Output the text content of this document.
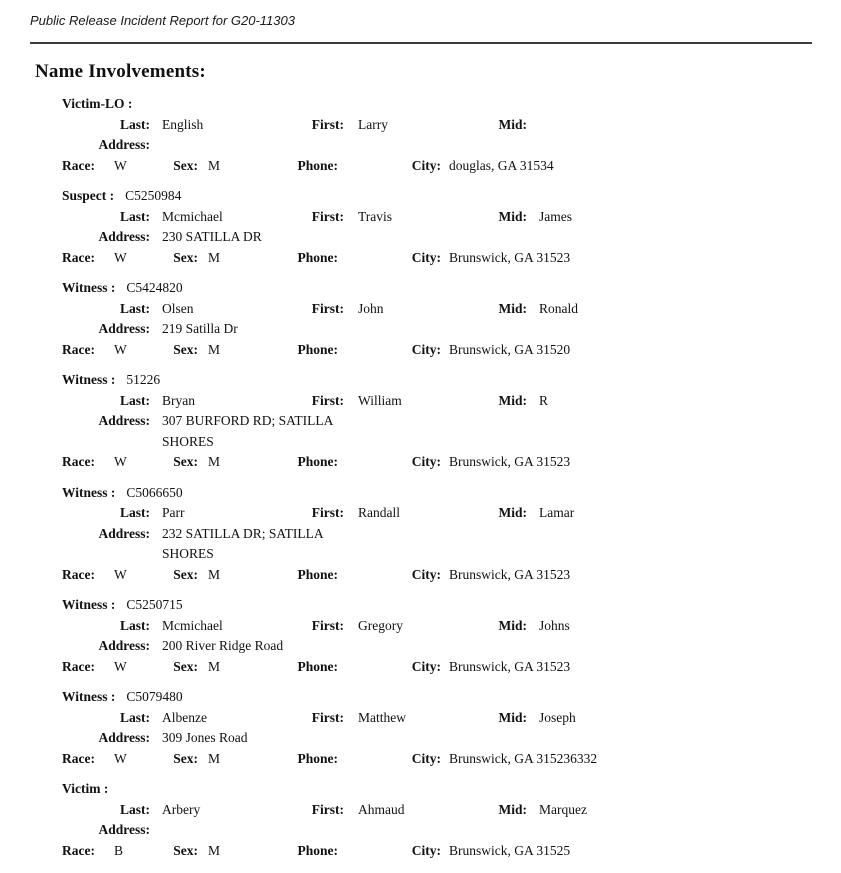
Public Release Incident Report for G20-11303
Name Involvements:
Victim-LO :
Last: English	First:	Larry	Mid:
Address:
Race:	W	Sex: M	Phone:	City: douglas, GA 31534
Suspect : C5250984
Last: Mcmichael	First:	Travis	Mid: James
Address: 230 SATILLA DR
Race:	W	Sex: M	Phone:	City: Brunswick, GA 31523
Witness : C5424820
Last: Olsen	First:	John	Mid: Ronald
Address: 219 Satilla Dr
Race:	W	Sex: M	Phone:	City: Brunswick, GA 31520
Witness : 51226
Last: Bryan	First:	William	Mid: R
Address: 307 BURFORD RD; SATILLA SHORES
Race:	W	Sex: M	Phone:	City: Brunswick, GA 31523
Witness : C5066650
Last: Parr	First:	Randall	Mid: Lamar
Address: 232 SATILLA DR; SATILLA SHORES
Race:	W	Sex: M	Phone:	City: Brunswick, GA 31523
Witness : C5250715
Last: Mcmichael	First:	Gregory	Mid: Johns
Address: 200 River Ridge Road
Race:	W	Sex: M	Phone:	City: Brunswick, GA 31523
Witness : C5079480
Last: Albenze	First:	Matthew	Mid: Joseph
Address: 309 Jones Road
Race:	W	Sex: M	Phone:	City: Brunswick, GA 315236332
Victim :
Last: Arbery	First:	Ahmaud	Mid: Marquez
Address:
Race:	B	Sex: M	Phone:	City: Brunswick, GA 31525
